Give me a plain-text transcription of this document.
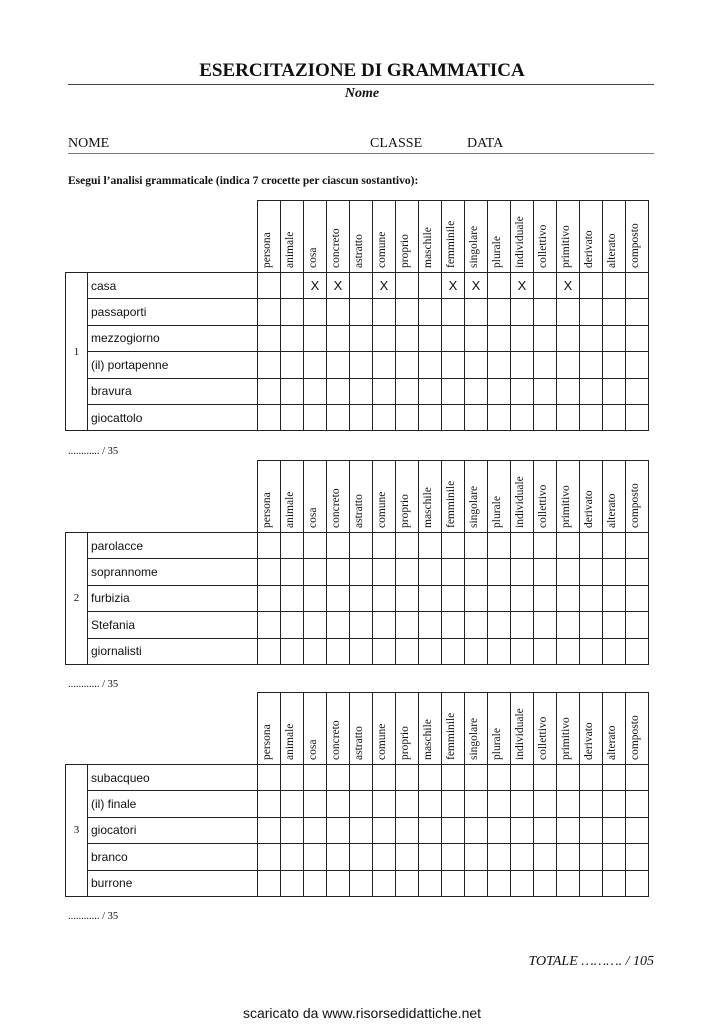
ESERCITAZIONE DI GRAMMATICA
Nome
NOME	CLASSE	DATA
Esegui l’analisi grammaticale (indica 7 crocette per ciascun sostantivo):

		persona	animale	cosa	concreto	astratto	comune	proprio	maschile	femminile	singolare	plurale	individuale	collettivo	primitivo	derivato	alterato	composto

1	casa			X	X		X			X	X		X		X			
	passaporti																	
	mezzogiorno																	
	(il) portapenne																	
	bravura																	
	giocattolo																	
............ / 35

		persona	animale	cosa	concreto	astratto	comune	proprio	maschile	femminile	singolare	plurale	individuale	collettivo	primitivo	derivato	alterato	composto

2	parolacce																	
	soprannome																	
	furbizia																	
	Stefania																	
	giornalisti																	
............ / 35

		persona	animale	cosa	concreto	astratto	comune	proprio	maschile	femminile	singolare	plurale	individuale	collettivo	primitivo	derivato	alterato	composto

3	subacqueo																	
	(il) finale																	
	giocatori																	
	branco																	
	burrone																	
............ / 35
TOTALE ………. / 105
scaricato da www.risorsedidattiche.net
